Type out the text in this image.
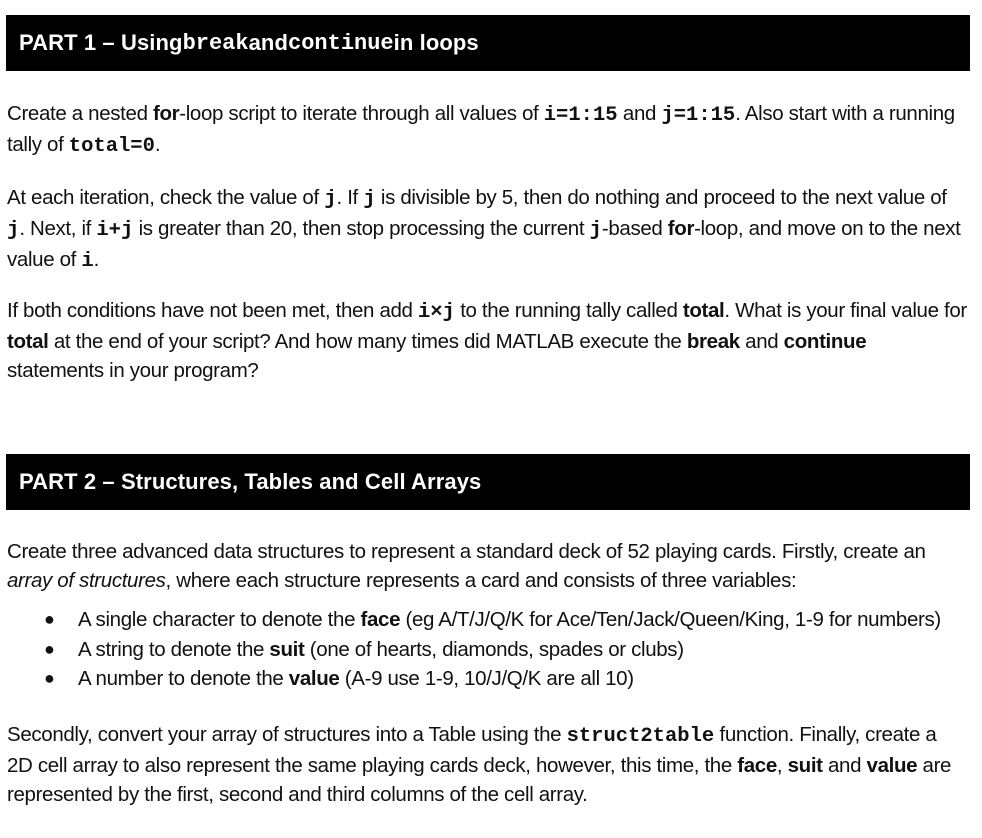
PART 1 – Using break and continue in loops

Create a nested for-loop script to iterate through all values of i=1:15 and j=1:15. Also start with a running tally of total=0.

At each iteration, check the value of j. If j is divisible by 5, then do nothing and proceed to the next value of j. Next, if i+j is greater than 20, then stop processing the current j-based for-loop, and move on to the next value of i.

If both conditions have not been met, then add i×j to the running tally called total. What is your final value for total at the end of your script? And how many times did MATLAB execute the break and continue statements in your program?

PART 2 – Structures, Tables and Cell Arrays

Create three advanced data structures to represent a standard deck of 52 playing cards. Firstly, create an array of structures, where each structure represents a card and consists of three variables:

● A single character to denote the face (eg A/T/J/Q/K for Ace/Ten/Jack/Queen/King, 1-9 for numbers)
● A string to denote the suit (one of hearts, diamonds, spades or clubs)
● A number to denote the value (A-9 use 1-9, 10/J/Q/K are all 10)

Secondly, convert your array of structures into a Table using the struct2table function. Finally, create a 2D cell array to also represent the same playing cards deck, however, this time, the face, suit and value are represented by the first, second and third columns of the cell array.
